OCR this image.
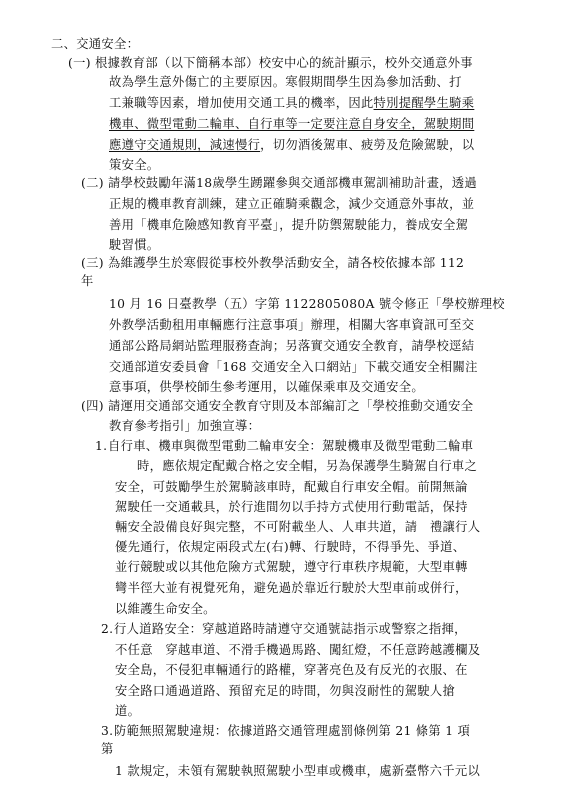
二、交通安全：
(一) 根據教育部（以下簡稱本部）校安中心的統計顯示，校外交通意外事
故為學生意外傷亡的主要原因。寒假期間學生因為參加活動、打
工兼職等因素，增加使用交通工具的機率，因此特別提醒學生騎乘
機車、微型電動二輪車、自行車等一定要注意自身安全，駕駛期間
應遵守交通規則，減速慢行，切勿酒後駕車、疲勞及危險駕駛，以
策安全。
(二) 請學校鼓勵年滿18歲學生踴躍參與交通部機車駕訓補助計畫，透過
正規的機車教育訓練，建立正確騎乘觀念，減少交通意外事故，並
善用「機車危險感知教育平臺」，提升防禦駕駛能力，養成安全駕
駛習慣。
(三) 為維護學生於寒假從事校外教學活動安全，請各校依據本部 112
年
10 月 16 日臺教學（五）字第 1122805080A 號令修正「學校辦理校
外教學活動租用車輛應行注意事項」辦理，相關大客車資訊可至交
通部公路局網站監理服務查詢；另落實交通安全教育，請學校逕結
交通部道安委員會「168 交通安全入口網站」下載交通安全相關注
意事項，供學校師生參考運用，以確保乘車及交通安全。
(四) 請運用交通部交通安全教育守則及本部編訂之「學校推動交通安全
教育參考指引」加強宣導：
1. 自行車、機車與微型電動二輪車安全：駕駛機車及微型電動二輪車
時，應依規定配戴合格之安全帽，另為保護學生騎駕自行車之
安全，可鼓勵學生於駕騎該車時，配戴自行車安全帽。前開無論
駕駛任一交通載具，於行進間勿以手持方式使用行動電話，保持
輛安全設備良好與完整，不可附載坐人、人車共道，請　禮讓行人
優先通行，依規定兩段式左(右)轉、行駛時，不得爭先、爭道、
並行競駛或以其他危險方式駕駛，遵守行車秩序規範，大型車轉
彎半徑大並有視覺死角，避免過於靠近行駛於大型車前或併行，
以維護生命安全。
2. 行人道路安全：穿越道路時請遵守交通號誌指示或警察之指揮，
不任意　穿越車道、不滑手機過馬路、闖紅燈，不任意跨越護欄及
安全島，不侵犯車輛通行的路權，穿著亮色及有反光的衣服、在
安全路口通過道路、預留充足的時間，勿與沒耐性的駕駛人搶
道。
3. 防範無照駕駛違規：依據道路交通管理處罰條例第 21 條第 1 項
第
1 款規定，未領有駕駛執照駕駛小型車或機車，處新臺幣六千元以
